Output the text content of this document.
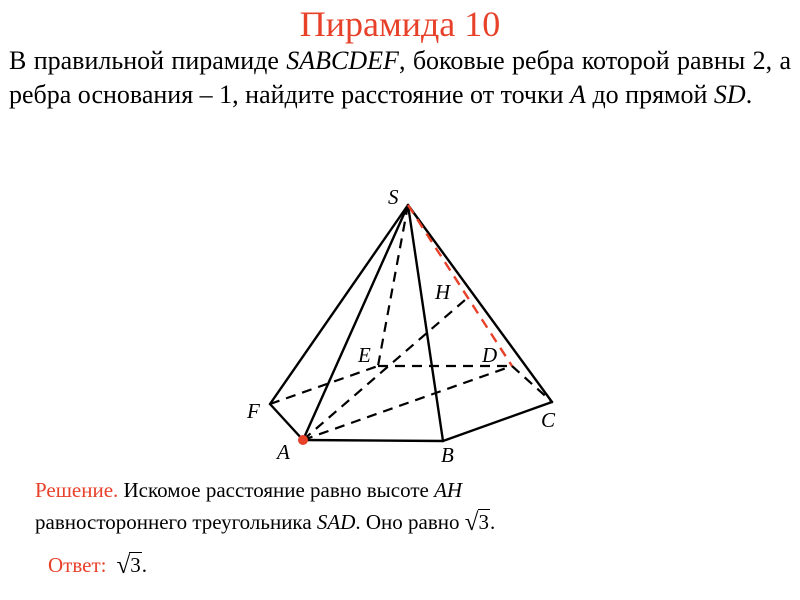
Пирамида 10
В правильной пирамиде SABCDEF, боковые ребра которой равны 2, а ребра основания – 1, найдите расстояние от точки A до прямой SD.
S
H
E	D
F	C
A	B
Решение. Искомое расстояние равно высоте AH
равностороннего треугольника SAD. Оно равно √3.
Ответ: √3.
